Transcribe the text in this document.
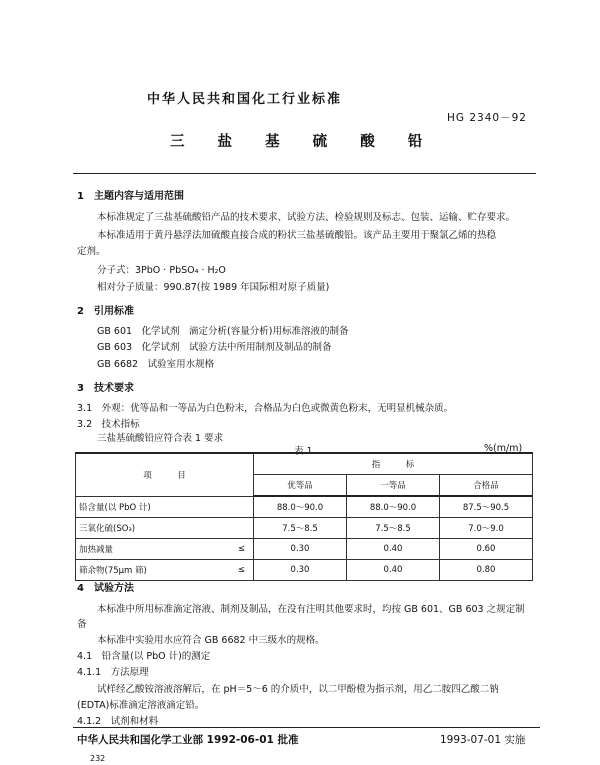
中华人民共和国化工行业标准
HG 2340－92
三 盐 基 硫 酸 铅
1　主题内容与适用范围
本标准规定了三盐基硫酸铅产品的技术要求、试验方法、检验规则及标志、包装、运输、贮存要求。
本标准适用于黄丹悬浮法加硫酸直接合成的粉状三盐基硫酸铅。该产品主要用于聚氯乙烯的热稳
定剂。
分子式：3PbO · PbSO₄ · H₂O
相对分子质量：990.87(按 1989 年国际相对原子质量)
2　引用标准
GB 601　化学试剂　滴定分析(容量分析)用标准溶液的制备
GB 603　化学试剂　试验方法中所用制剂及制品的制备
GB 6682　试验室用水规格
3　技术要求
3.1　外观：优等品和一等品为白色粉末，合格品为白色或微黄色粉末，无明显机械杂质。
3.2　技术指标
三盐基硫酸铅应符合表 1 要求
表 1	%(m/m)
项　　　目		指　　　标		
		优等品	一等品	合格品
铅含量(以 PbO 计)		88.0～90.0	88.0～90.0	87.5～90.5
三氧化硫(SO₃)		7.5～8.5	7.5～8.5	7.0～9.0
加热减量	≤	0.30	0.40	0.60
筛余物(75μm 筛)	≤	0.30	0.40	0.80
4　试验方法
本标准中所用标准滴定溶液、制剂及制品，在没有注明其他要求时，均按 GB 601、GB 603 之规定制
备
本标准中实验用水应符合 GB 6682 中三级水的规格。
4.1　铅含量(以 PbO 计)的测定
4.1.1　方法原理
试样经乙酸铵溶液溶解后，在 pH＝5～6 的介质中，以二甲酚橙为指示剂，用乙二胺四乙酸二钠
(EDTA)标准滴定溶液滴定铅。
4.1.2　试剂和材料
中华人民共和国化学工业部 1992-06-01 批准	1993-07-01 实施
232
